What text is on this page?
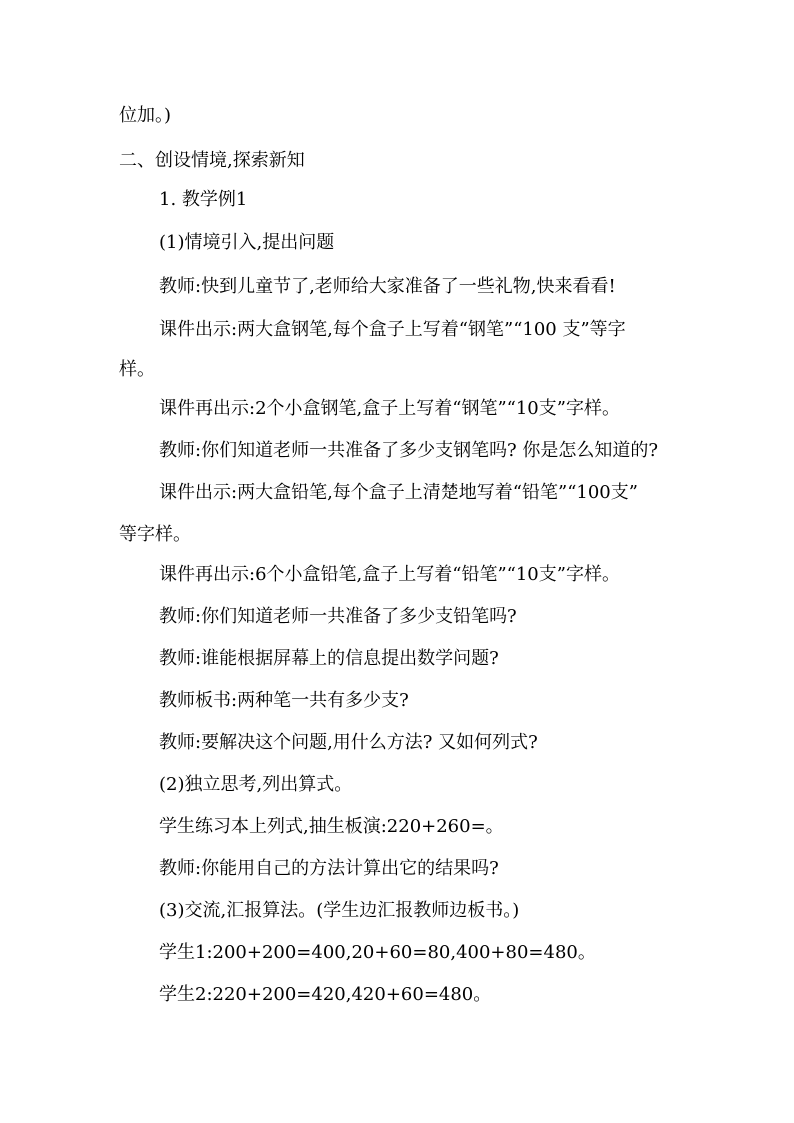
位加。)
二、创设情境,探索新知
1. 教学例1
(1)情境引入,提出问题
教师:快到儿童节了,老师给大家准备了一些礼物,快来看看!
课件出示:两大盒钢笔,每个盒子上写着“钢笔”“100 支”等字
样。
课件再出示:2个小盒钢笔,盒子上写着“钢笔”“10支”字样。
教师:你们知道老师一共准备了多少支钢笔吗? 你是怎么知道的?
课件出示:两大盒铅笔,每个盒子上清楚地写着“铅笔”“100支”
等字样。
课件再出示:6个小盒铅笔,盒子上写着“铅笔”“10支”字样。
教师:你们知道老师一共准备了多少支铅笔吗?
教师:谁能根据屏幕上的信息提出数学问题?
教师板书:两种笔一共有多少支?
教师:要解决这个问题,用什么方法? 又如何列式?
(2)独立思考,列出算式。
学生练习本上列式,抽生板演:220+260=。
教师:你能用自己的方法计算出它的结果吗?
(3)交流,汇报算法。(学生边汇报教师边板书。)
学生1:200+200=400,20+60=80,400+80=480。
学生2:220+200=420,420+60=480。
